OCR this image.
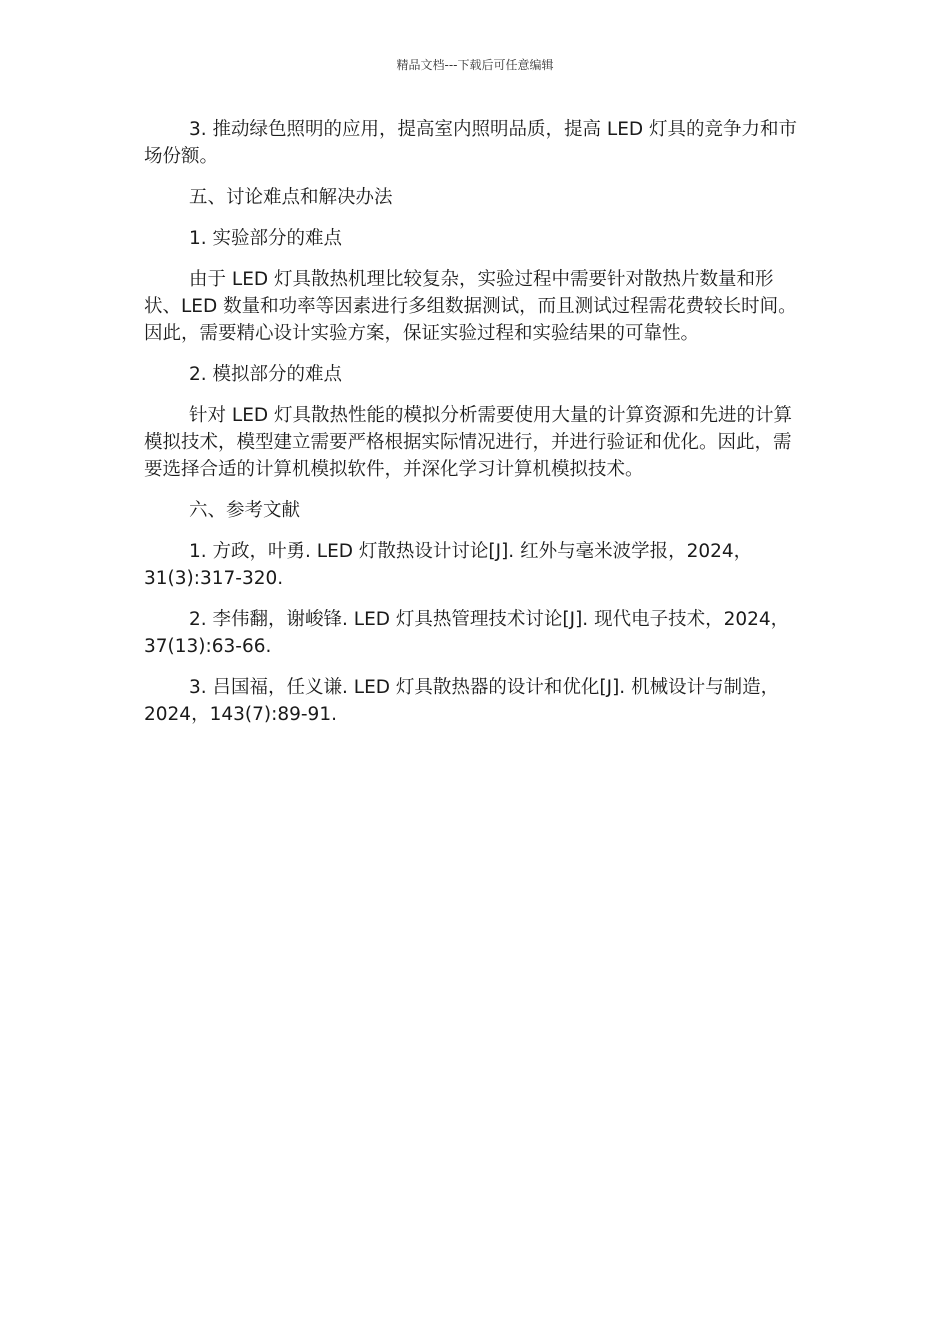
精品文档---下载后可任意编辑

3. 推动绿色照明的应用，提高室内照明品质，提高 LED 灯具的竞争力和市场份额。

五、讨论难点和解决办法

1. 实验部分的难点

由于 LED 灯具散热机理比较复杂，实验过程中需要针对散热片数量和形状、LED 数量和功率等因素进行多组数据测试，而且测试过程需花费较长时间。因此，需要精心设计实验方案，保证实验过程和实验结果的可靠性。

2. 模拟部分的难点

针对 LED 灯具散热性能的模拟分析需要使用大量的计算资源和先进的计算模拟技术，模型建立需要严格根据实际情况进行，并进行验证和优化。因此，需要选择合适的计算机模拟软件，并深化学习计算机模拟技术。

六、参考文献

1. 方政，叶勇. LED 灯散热设计讨论[J]. 红外与毫米波学报，2024，31(3):317-320.

2. 李伟翻，谢峻锋. LED 灯具热管理技术讨论[J]. 现代电子技术，2024，37(13):63-66.

3. 吕国福，任义谦. LED 灯具散热器的设计和优化[J]. 机械设计与制造，2024，143(7):89-91.
